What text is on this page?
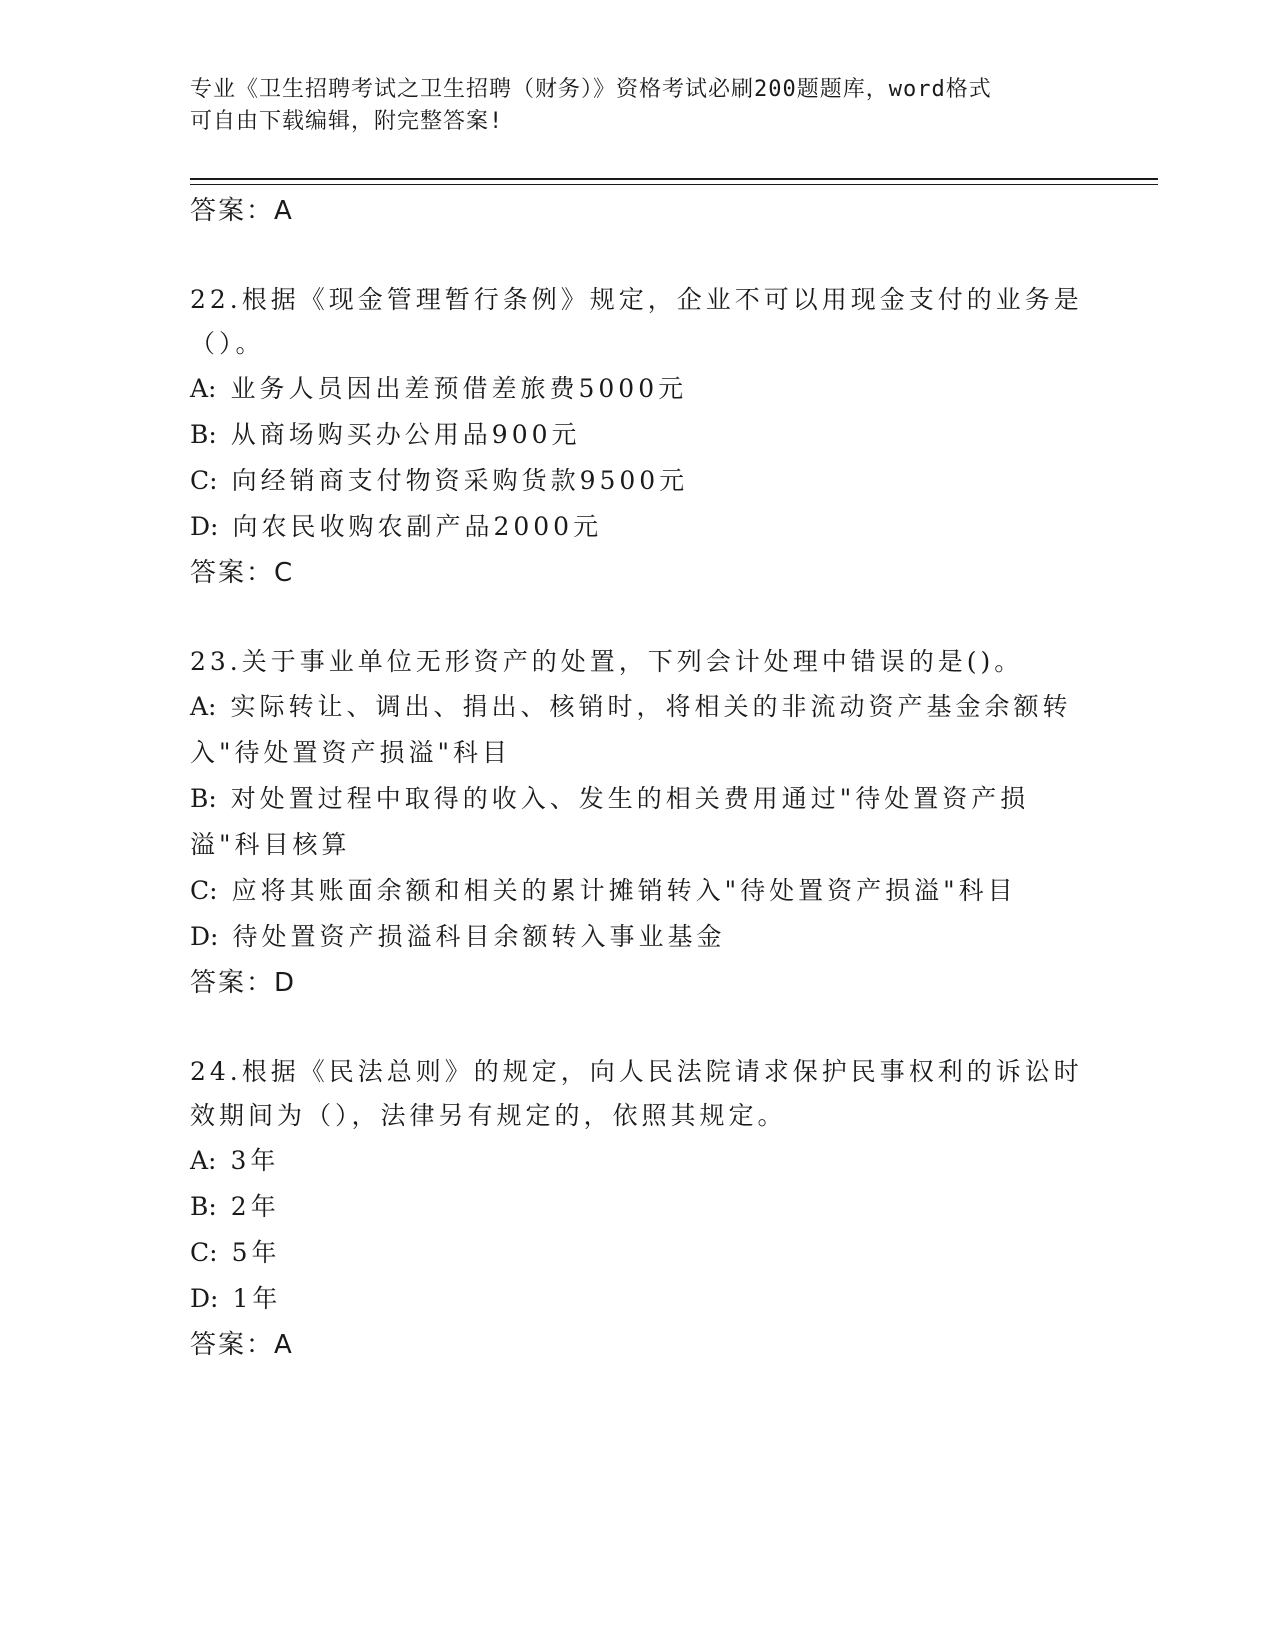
专业《卫生招聘考试之卫生招聘（财务）》资格考试必刷200题题库，word格式
可自由下载编辑，附完整答案!
答案：A
22.根据《现金管理暂行条例》规定，企业不可以用现金支付的业务是（）。
A: 业务人员因出差预借差旅费5000元
B: 从商场购买办公用品900元
C: 向经销商支付物资采购货款9500元
D: 向农民收购农副产品2000元
答案：C
23.关于事业单位无形资产的处置，下列会计处理中错误的是()。
A: 实际转让、调出、捐出、核销时，将相关的非流动资产基金余额转入"待处置资产损溢"科目
B: 对处置过程中取得的收入、发生的相关费用通过"待处置资产损溢"科目核算
C: 应将其账面余额和相关的累计摊销转入"待处置资产损溢"科目
D: 待处置资产损溢科目余额转入事业基金
答案：D
24.根据《民法总则》的规定，向人民法院请求保护民事权利的诉讼时效期间为（），法律另有规定的，依照其规定。
A: 3年
B: 2年
C: 5年
D: 1年
答案：A
